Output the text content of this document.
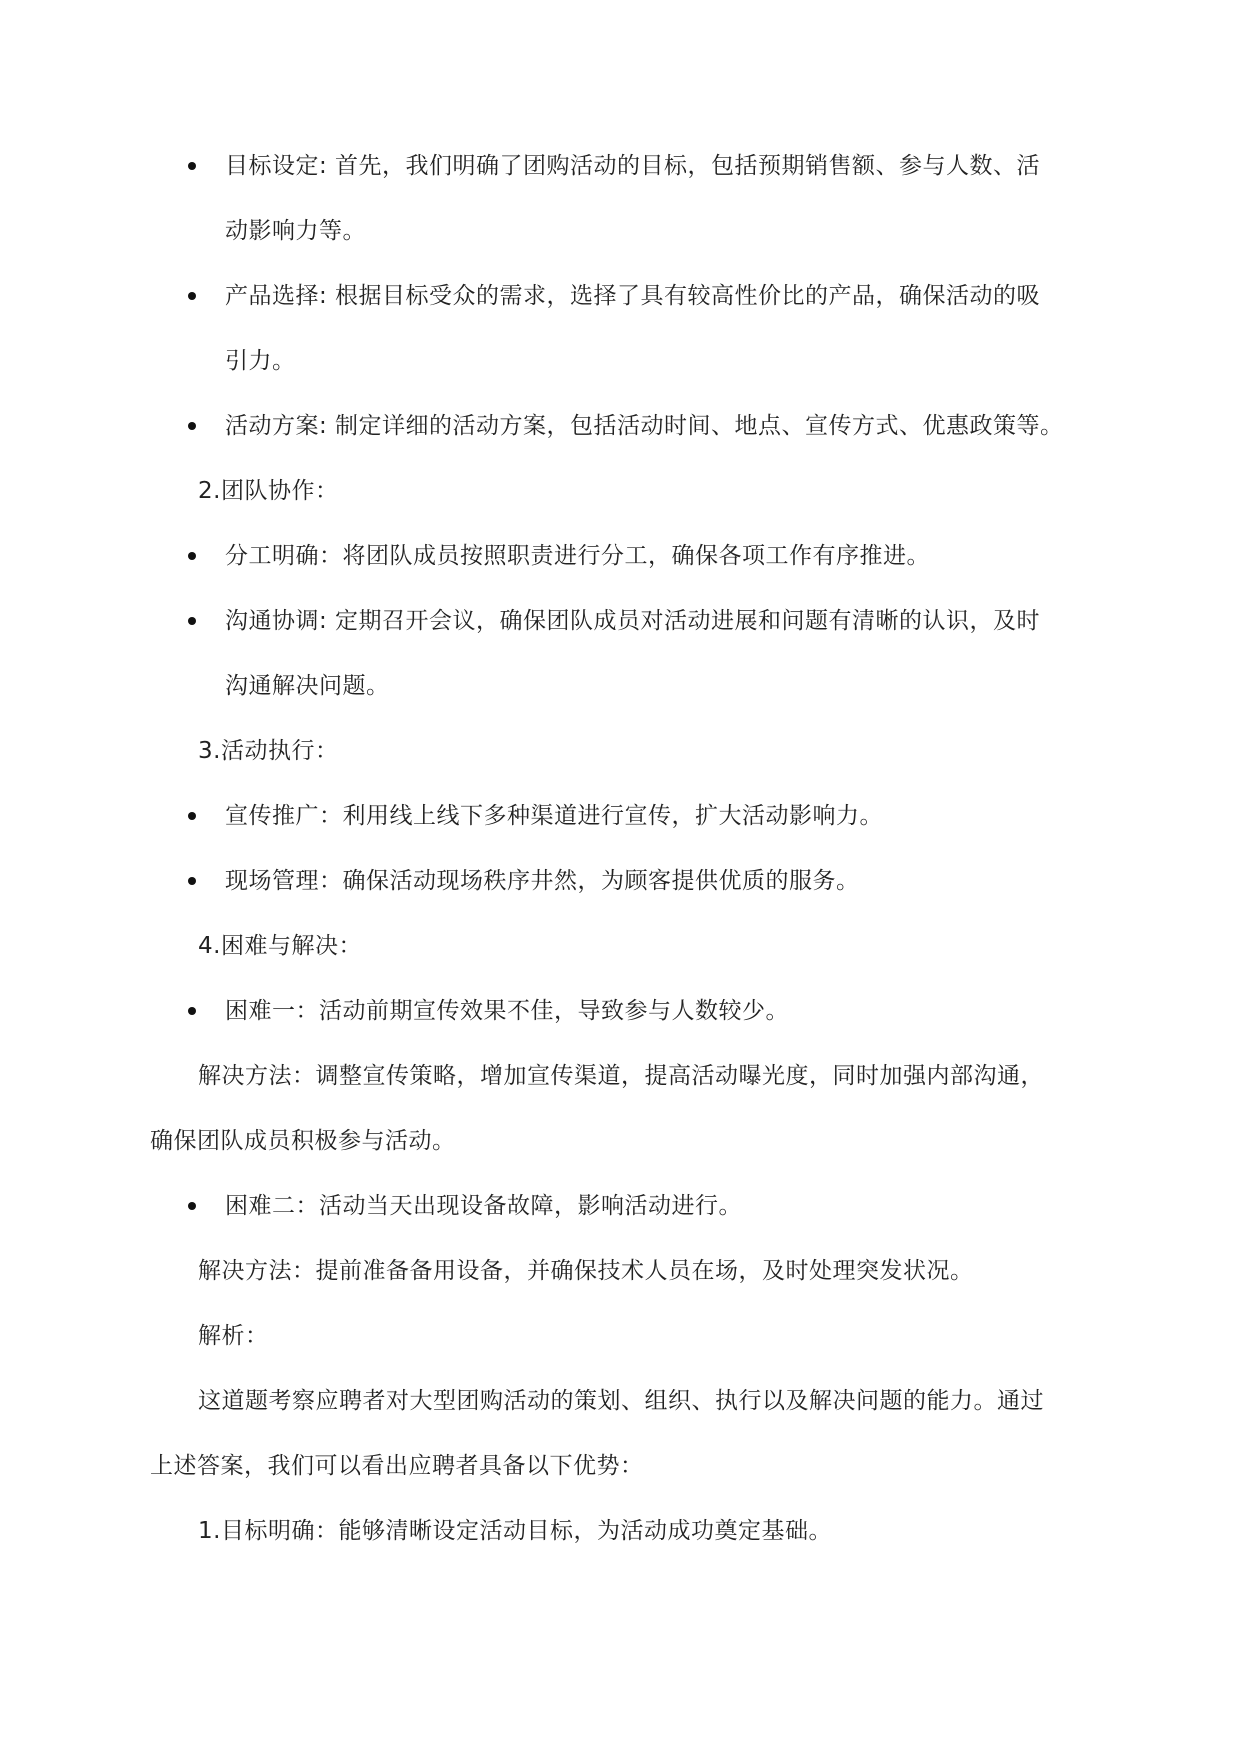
目标设定: 首先，我们明确了团购活动的目标，包括预期销售额、参与人数、活
动影响力等。
产品选择: 根据目标受众的需求，选择了具有较高性价比的产品，确保活动的吸
引力。
活动方案: 制定详细的活动方案，包括活动时间、地点、宣传方式、优惠政策等。
2.团队协作：
分工明确：将团队成员按照职责进行分工，确保各项工作有序推进。
沟通协调: 定期召开会议，确保团队成员对活动进展和问题有清晰的认识，及时
沟通解决问题。
3.活动执行：
宣传推广：利用线上线下多种渠道进行宣传，扩大活动影响力。
现场管理：确保活动现场秩序井然，为顾客提供优质的服务。
4.困难与解决：
困难一：活动前期宣传效果不佳，导致参与人数较少。
解决方法：调整宣传策略，增加宣传渠道，提高活动曝光度，同时加强内部沟通，
确保团队成员积极参与活动。
困难二：活动当天出现设备故障，影响活动进行。
解决方法：提前准备备用设备，并确保技术人员在场，及时处理突发状况。
解析：
这道题考察应聘者对大型团购活动的策划、组织、执行以及解决问题的能力。通过
上述答案，我们可以看出应聘者具备以下优势：
1.目标明确：能够清晰设定活动目标，为活动成功奠定基础。
